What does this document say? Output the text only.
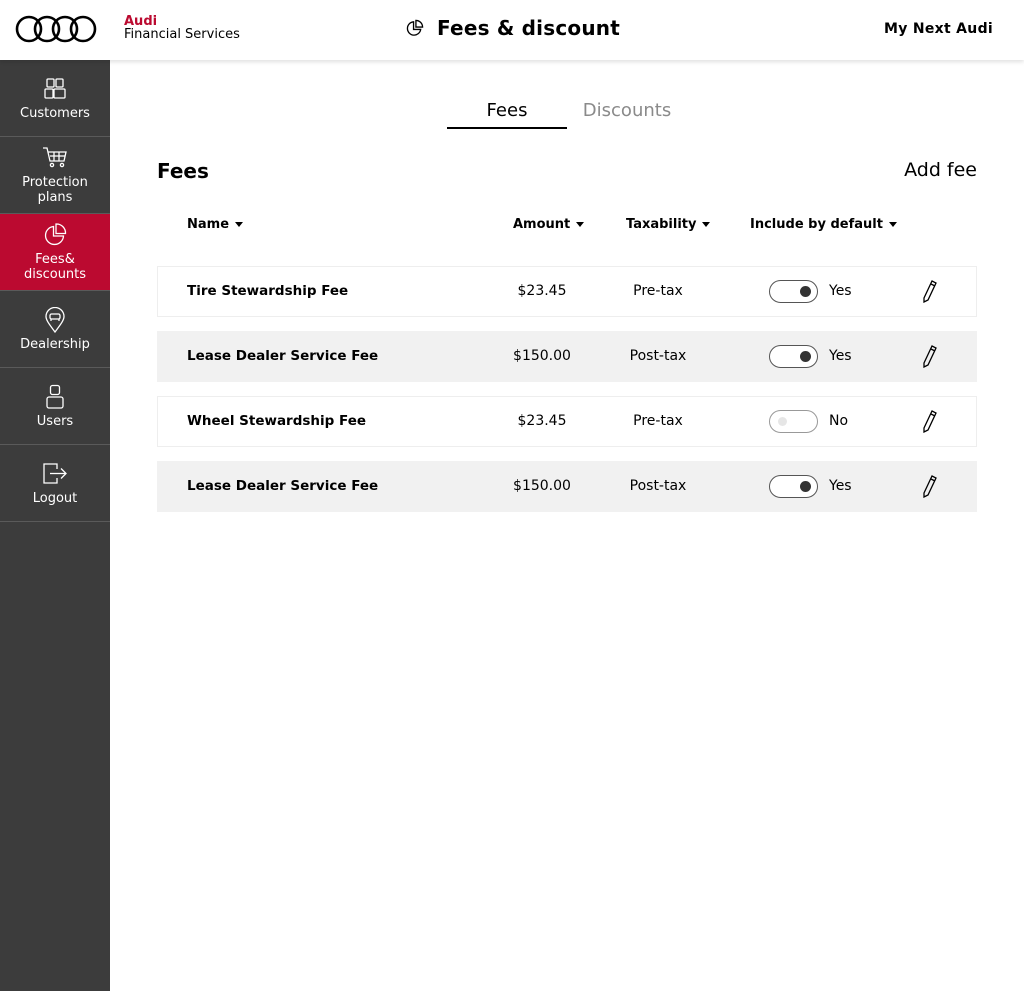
Audi
Financial Services	Fees & discount	My Next Audi
Customers
Protection
plans
Fees&
discounts
Dealership
Users
Logout
Fees	Discounts
Fees	Add fee
Name	Amount	Taxability	Include by default
Tire Stewardship Fee	$23.45	Pre-tax	Yes
Lease Dealer Service Fee	$150.00	Post-tax	Yes
Wheel Stewardship Fee	$23.45	Pre-tax	No
Lease Dealer Service Fee	$150.00	Post-tax	Yes
